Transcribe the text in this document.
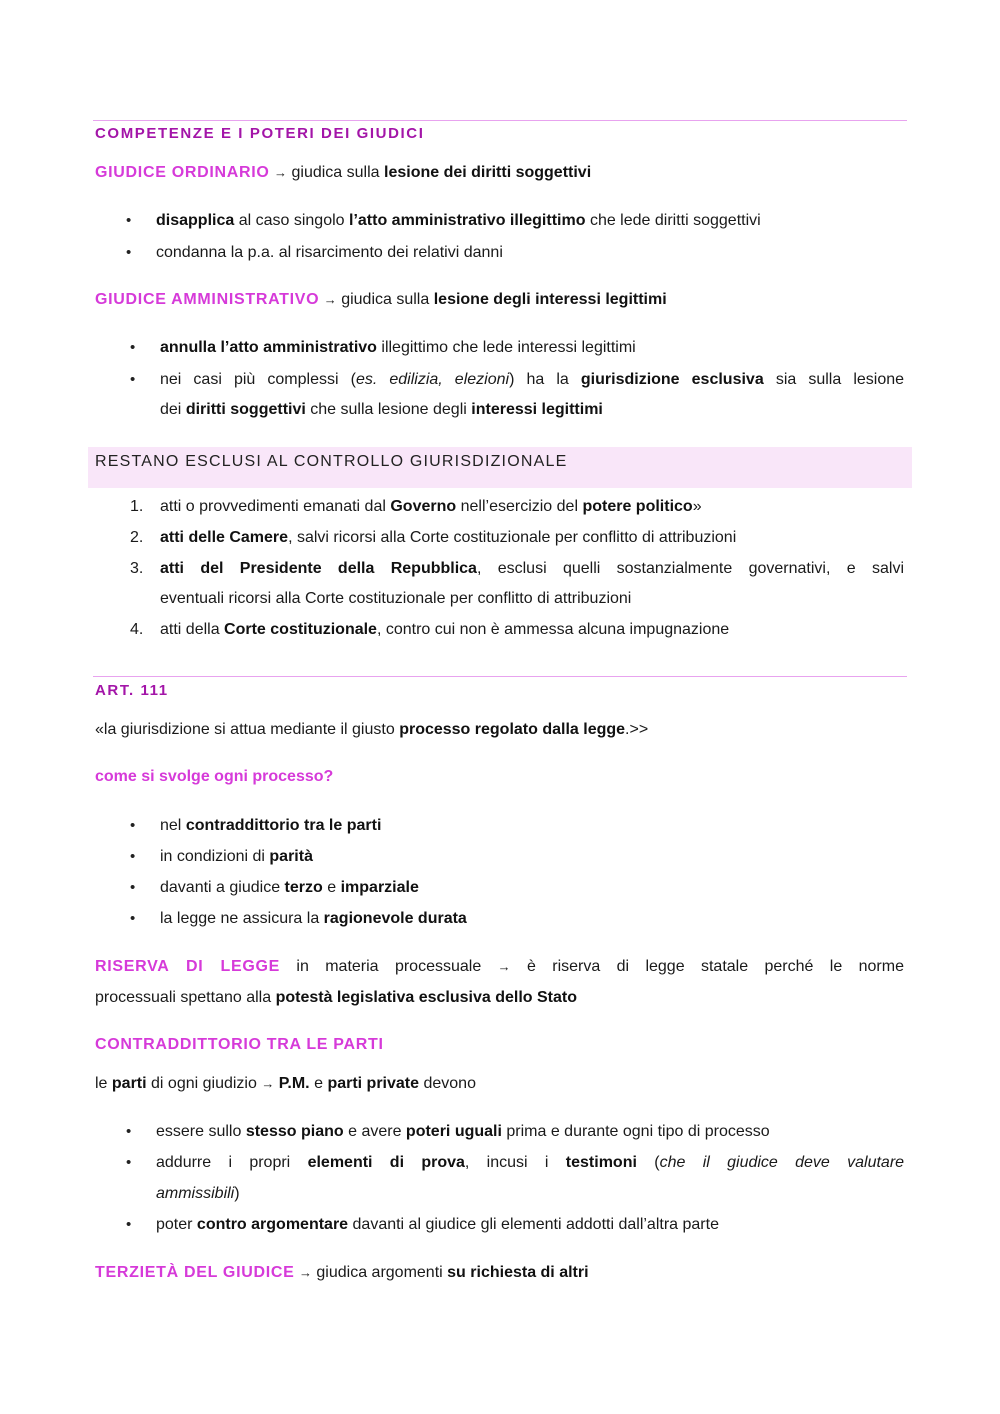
COMPETENZE E I POTERI DEI GIUDICI
GIUDICE ORDINARIO → giudica sulla lesione dei diritti soggettivi
• disapplica al caso singolo l’atto amministrativo illegittimo che lede diritti soggettivi
• condanna la p.a. al risarcimento dei relativi danni
GIUDICE AMMINISTRATIVO → giudica sulla lesione degli interessi legittimi
• annulla l’atto amministrativo illegittimo che lede interessi legittimi
• nei casi più complessi (es. edilizia, elezioni) ha la giurisdizione esclusiva sia sulla lesione
dei diritti soggettivi che sulla lesione degli interessi legittimi
RESTANO ESCLUSI AL CONTROLLO GIURISDIZIONALE
1. atti o provvedimenti emanati dal Governo nell’esercizio del potere politico»
2. atti delle Camere, salvi ricorsi alla Corte costituzionale per conflitto di attribuzioni
3. atti del Presidente della Repubblica, esclusi quelli sostanzialmente governativi, e salvi
eventuali ricorsi alla Corte costituzionale per conflitto di attribuzioni
4. atti della Corte costituzionale, contro cui non è ammessa alcuna impugnazione
ART. 111
«la giurisdizione si attua mediante il giusto processo regolato dalla legge.>>
come si svolge ogni processo?
• nel contraddittorio tra le parti
• in condizioni di parità
• davanti a giudice terzo e imparziale
• la legge ne assicura la ragionevole durata
RISERVA DI LEGGE in materia processuale → è riserva di legge statale perché le norme
processuali spettano alla potestà legislativa esclusiva dello Stato
CONTRADDITTORIO TRA LE PARTI
le parti di ogni giudizio → P.M. e parti private devono
• essere sullo stesso piano e avere poteri uguali prima e durante ogni tipo di processo
• addurre i propri elementi di prova, incusi i testimoni (che il giudice deve valutare
ammissibili)
• poter contro argomentare davanti al giudice gli elementi addotti dall’altra parte
TERZIETÀ DEL GIUDICE → giudica argomenti su richiesta di altri
